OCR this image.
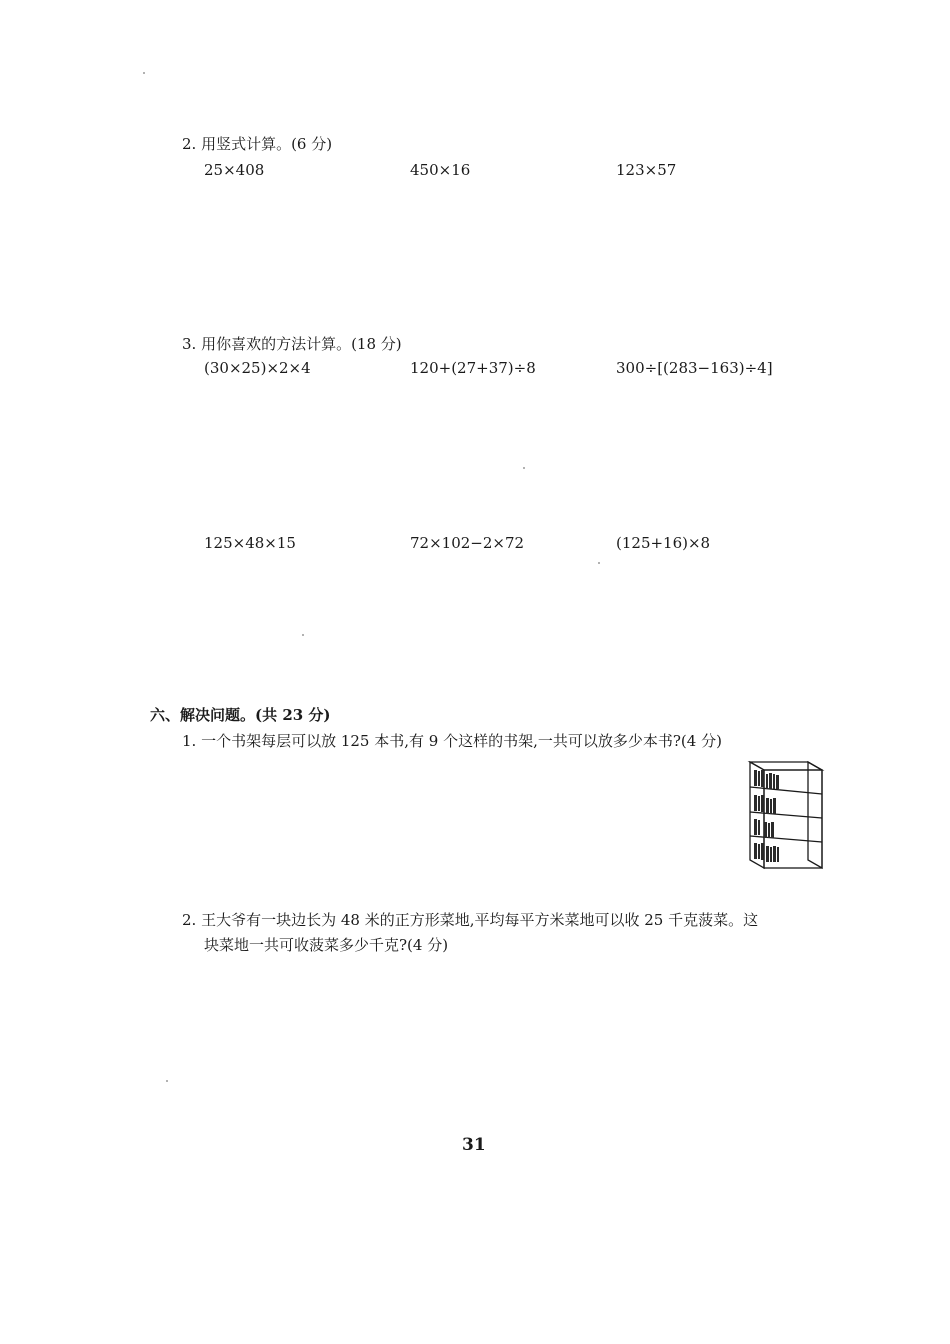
2. 用竖式计算。(6 分)
25×408	450×16	123×57
3. 用你喜欢的方法计算。(18 分)
(30×25)×2×4	120+(27+37)÷8	300÷[(283−163)÷4]
125×48×15	72×102−2×72	(125+16)×8
六、解决问题。(共 23 分)
1. 一个书架每层可以放 125 本书,有 9 个这样的书架,一共可以放多少本书?(4 分)
2. 王大爷有一块边长为 48 米的正方形菜地,平均每平方米菜地可以收 25 千克菠菜。这
块菜地一共可收菠菜多少千克?(4 分)
31
